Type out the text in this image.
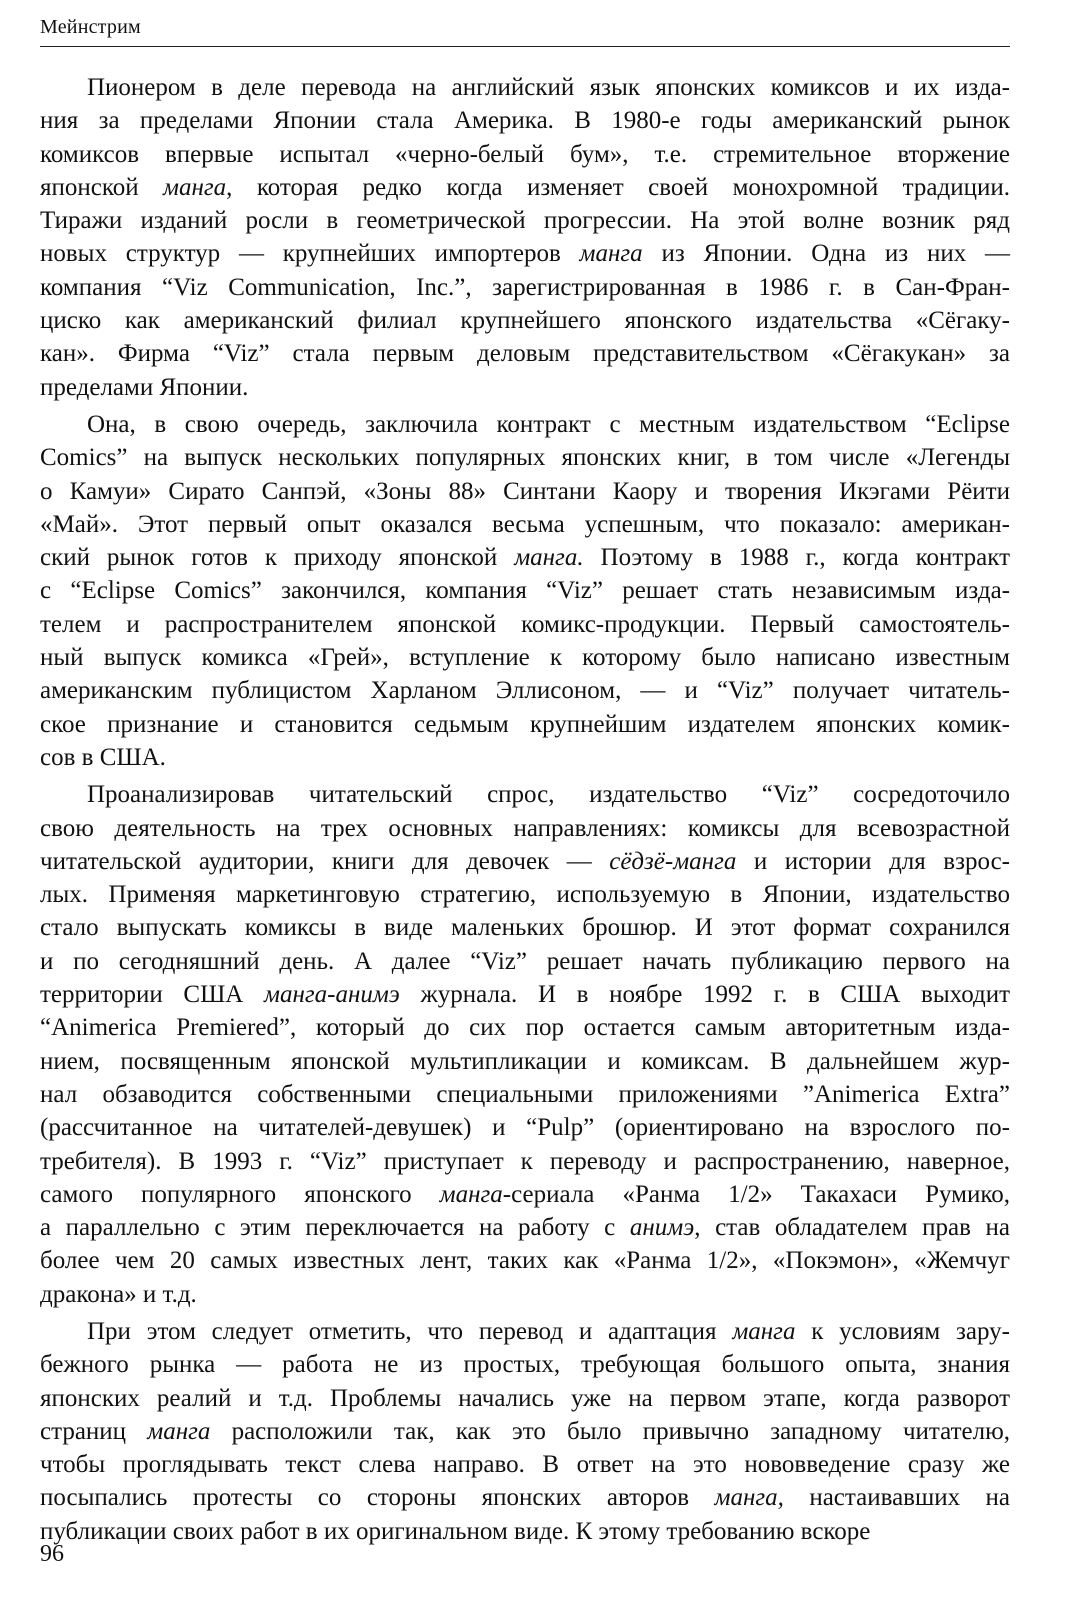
Мейнстрим

Пионером в деле перевода на английский язык японских комиксов и их изда-
ния за пределами Японии стала Америка. В 1980-е годы американский рынок
комиксов впервые испытал «черно-белый бум», т.е. стремительное вторжение
японской манга, которая редко когда изменяет своей монохромной традиции.
Тиражи изданий росли в геометрической прогрессии. На этой волне возник ряд
новых структур — крупнейших импортеров манга из Японии. Одна из них —
компания “Viz Communication, Inc.”, зарегистрированная в 1986 г. в Сан-Фран-
циско как американский филиал крупнейшего японского издательства «Сёгаку-
кан». Фирма “Viz” стала первым деловым представительством «Сёгакукан» за
пределами Японии.

Она, в свою очередь, заключила контракт с местным издательством “Eclipse
Comics” на выпуск нескольких популярных японских книг, в том числе «Легенды
о Камуи» Сирато Санпэй, «Зоны 88» Синтани Каору и творения Икэгами Рёити
«Май». Этот первый опыт оказался весьма успешным, что показало: американ-
ский рынок готов к приходу японской манга. Поэтому в 1988 г., когда контракт
с “Eclipse Comics” закончился, компания “Viz” решает стать независимым изда-
телем и распространителем японской комикс-продукции. Первый самостоятель-
ный выпуск комикса «Грей», вступление к которому было написано известным
американским публицистом Харланом Эллисоном, — и “Viz” получает читатель-
ское признание и становится седьмым крупнейшим издателем японских комик-
сов в США.

Проанализировав читательский спрос, издательство “Viz” сосредоточило
свою деятельность на трех основных направлениях: комиксы для всевозрастной
читательской аудитории, книги для девочек — сёдзё-манга и истории для взрос-
лых. Применяя маркетинговую стратегию, используемую в Японии, издательство
стало выпускать комиксы в виде маленьких брошюр. И этот формат сохранился
и по сегодняшний день. А далее “Viz” решает начать публикацию первого на
территории США манга-анимэ журнала. И в ноябре 1992 г. в США выходит
“Animerica Premiered”, который до сих пор остается самым авторитетным изда-
нием, посвященным японской мультипликации и комиксам. В дальнейшем жур-
нал обзаводится собственными специальными приложениями ”Animerica Extra”
(рассчитанное на читателей-девушек) и “Pulp” (ориентировано на взрослого по-
требителя). В 1993 г. “Viz” приступает к переводу и распространению, наверное,
самого популярного японского манга-сериала «Ранма 1/2» Такахаси Румико,
а параллельно с этим переключается на работу с анимэ, став обладателем прав на
более чем 20 самых известных лент, таких как «Ранма 1/2», «Покэмон», «Жемчуг
дракона» и т.д.

При этом следует отметить, что перевод и адаптация манга к условиям зару-
бежного рынка — работа не из простых, требующая большого опыта, знания
японских реалий и т.д. Проблемы начались уже на первом этапе, когда разворот
страниц манга расположили так, как это было привычно западному читателю,
чтобы проглядывать текст слева направо. В ответ на это нововведение сразу же
посыпались протесты со стороны японских авторов манга, настаивавших на
публикации своих работ в их оригинальном виде. К этому требованию вскоре

96
